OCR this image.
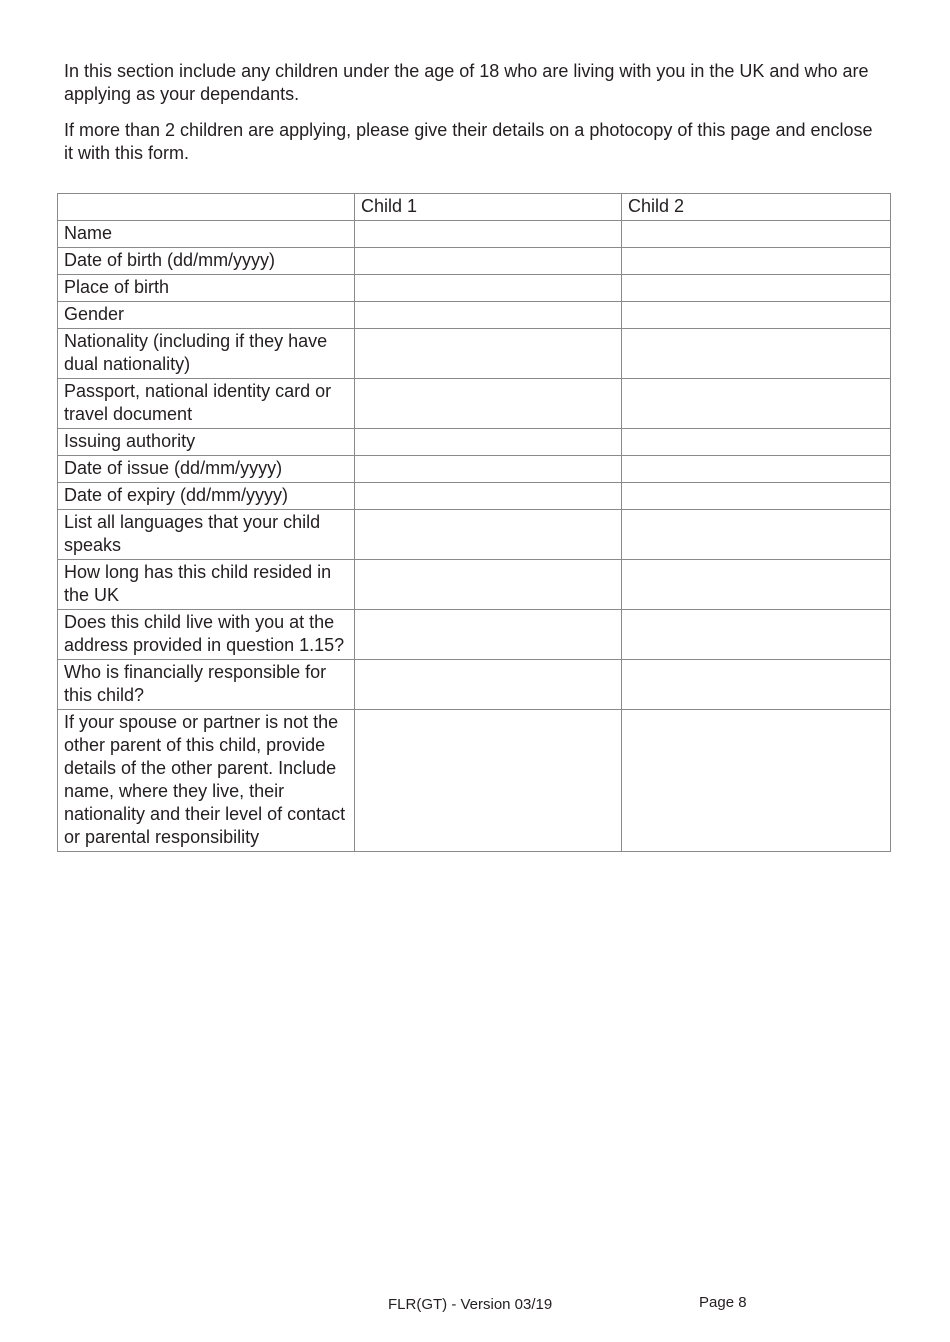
In this section include any children under the age of 18 who are living with you in the UK and who are applying as your dependants.

If more than 2 children are applying, please give their details on a photocopy of this page and enclose it with this form.

	Child 1	Child 2
Name		
Date of birth (dd/mm/yyyy)		
Place of birth		
Gender		
Nationality (including if they have dual nationality)		
Passport, national identity card or travel document		
Issuing authority		
Date of issue (dd/mm/yyyy)		
Date of expiry (dd/mm/yyyy)		
List all languages that your child speaks		
How long has this child resided in the UK		
Does this child live with you at the address provided in question 1.15?		
Who is financially responsible for this child?		
If your spouse or partner is not the other parent of this child, provide details of the other parent. Include name, where they live, their nationality and their level of contact or parental responsibility		
FLR(GT) - Version 03/19	Page 8
